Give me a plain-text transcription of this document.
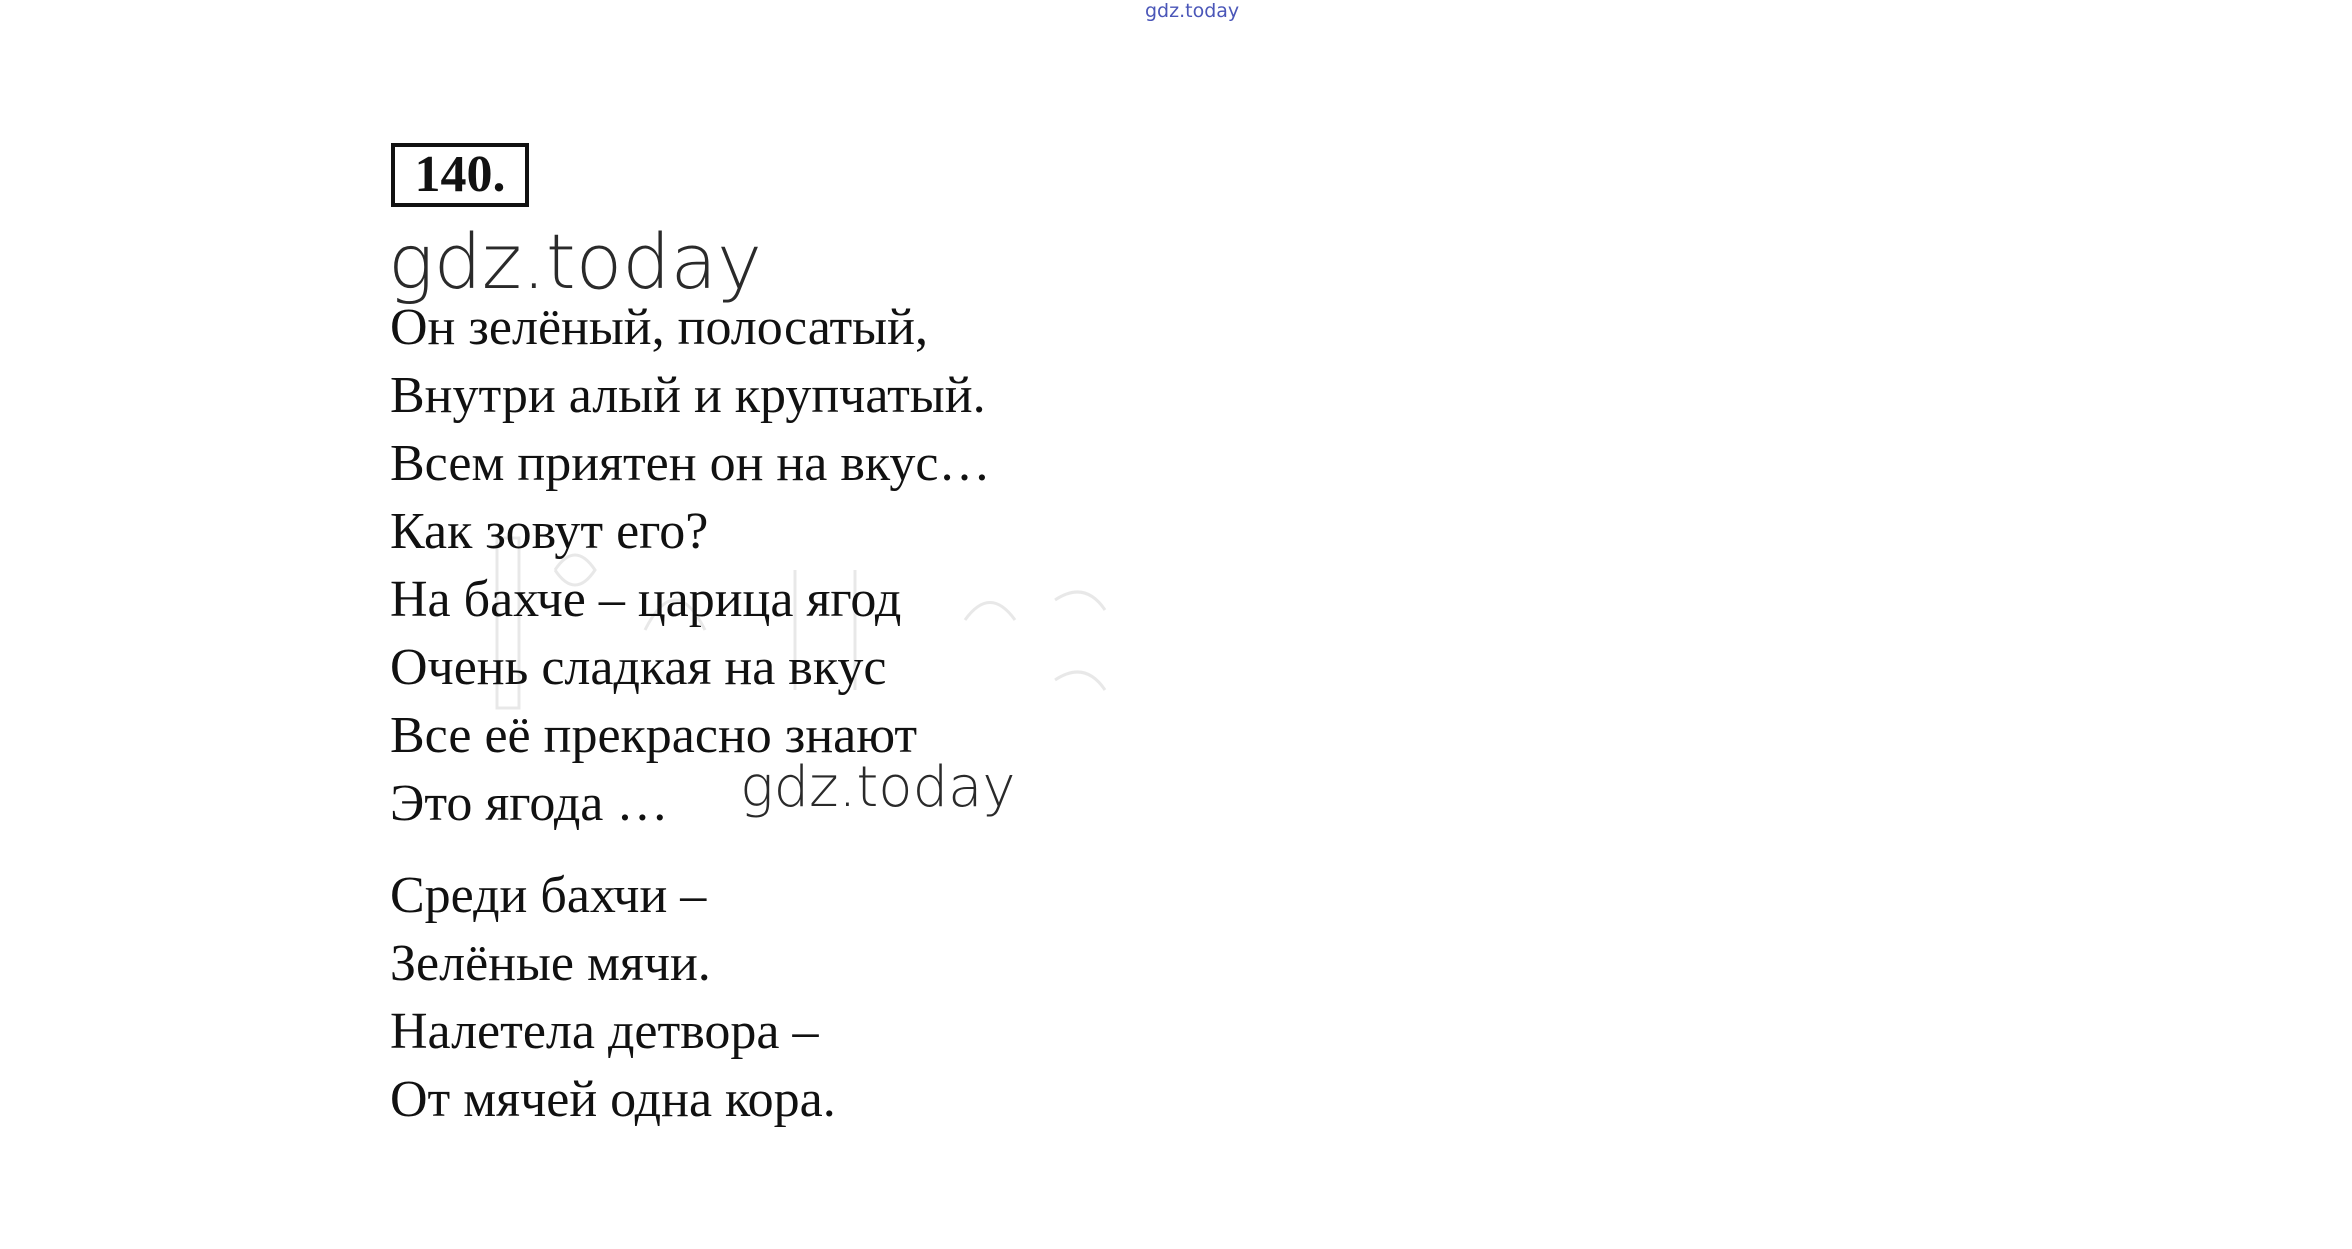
gdz.today
140.
gdz.today
Он зелёный, полосатый,
Внутри алый и крупчатый.
Всем приятен он на вкус…
Как зовут его?
На бахче – царица ягод
Очень сладкая на вкус
Все её прекрасно знают
Это ягода … gdz.today
Среди бахчи –
Зелёные мячи.
Налетела детвора –
От мячей одна кора.
